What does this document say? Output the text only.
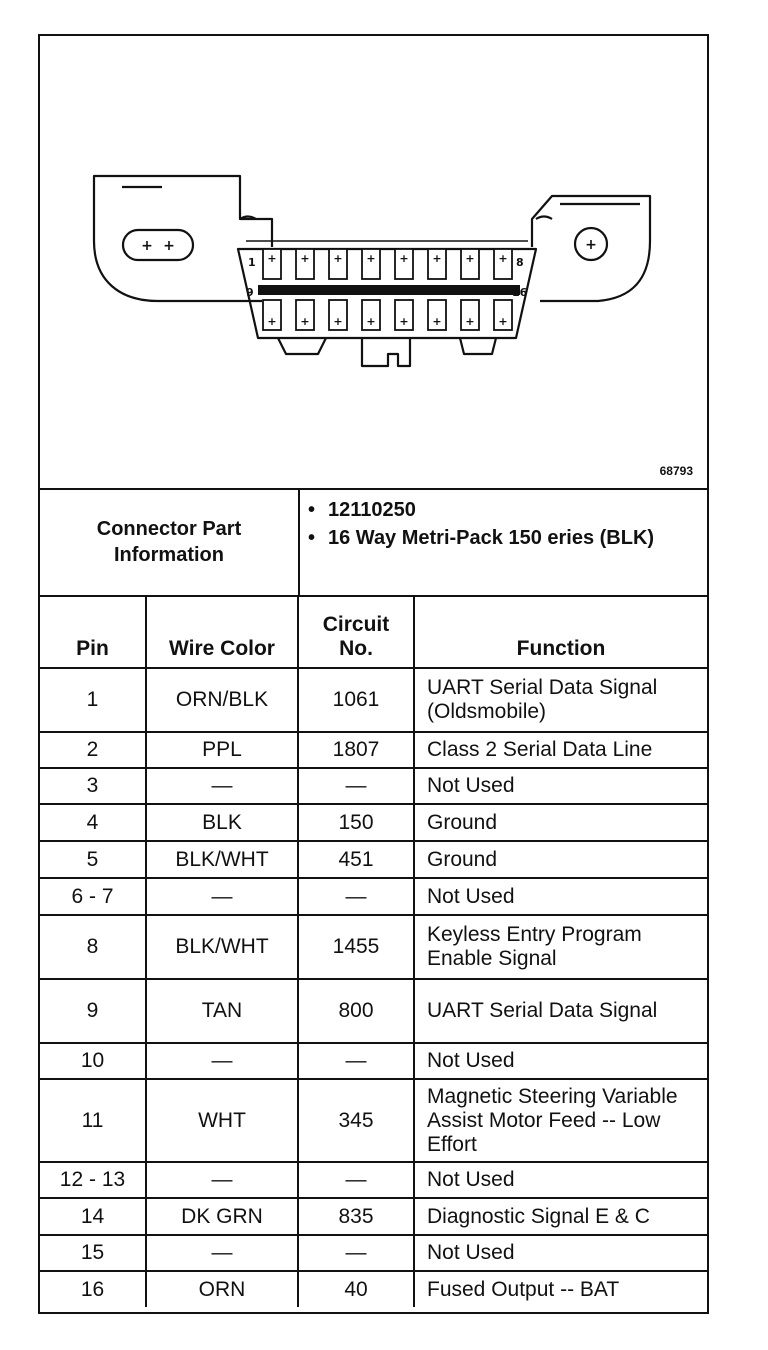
+ +	+
+ + + + + + + +
+ + + + + + + +
1
9
8
16
68793
Connector Part Information
• 12110250
• 16 Way Metri-Pack 150 eries (BLK)
Pin	Wire Color	Circuit No.	Function
1	ORN/BLK	1061	UART Serial Data Signal (Oldsmobile)
2	PPL	1807	Class 2 Serial Data Line
3	—	—	Not Used
4	BLK	150	Ground
5	BLK/WHT	451	Ground
6 - 7	—	—	Not Used
8	BLK/WHT	1455	Keyless Entry Program Enable Signal
9	TAN	800	UART Serial Data Signal
10	—	—	Not Used
11	WHT	345	Magnetic Steering Variable Assist Motor Feed -- Low Effort
12 - 13	—	—	Not Used
14	DK GRN	835	Diagnostic Signal E & C
15	—	—	Not Used
16	ORN	40	Fused Output -- BAT
